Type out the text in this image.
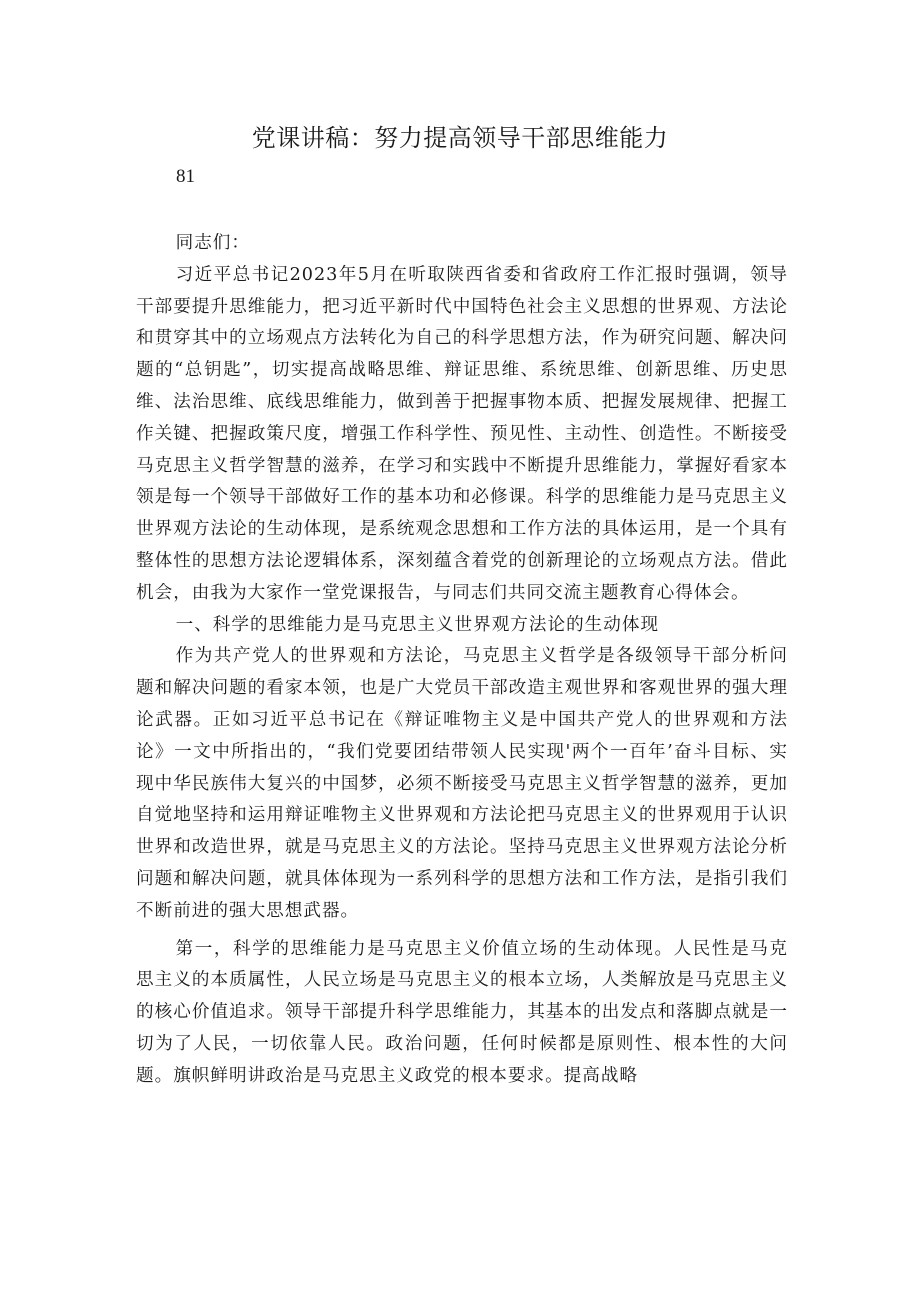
党课讲稿：努力提高领导干部思维能力
81

同志们：

习近平总书记2023年5月在听取陕西省委和省政府工作汇报时强调，领导干部要提升思维能力，把习近平新时代中国特色社会主义思想的世界观、方法论和贯穿其中的立场观点方法转化为自己的科学思想方法，作为研究问题、解决问题的“总钥匙”，切实提高战略思维、辩证思维、系统思维、创新思维、历史思维、法治思维、底线思维能力，做到善于把握事物本质、把握发展规律、把握工作关键、把握政策尺度，增强工作科学性、预见性、主动性、创造性。不断接受马克思主义哲学智慧的滋养，在学习和实践中不断提升思维能力，掌握好看家本领是每一个领导干部做好工作的基本功和必修课。科学的思维能力是马克思主义世界观方法论的生动体现，是系统观念思想和工作方法的具体运用，是一个具有整体性的思想方法论逻辑体系，深刻蕴含着党的创新理论的立场观点方法。借此机会，由我为大家作一堂党课报告，与同志们共同交流主题教育心得体会。

一、科学的思维能力是马克思主义世界观方法论的生动体现

作为共产党人的世界观和方法论，马克思主义哲学是各级领导干部分析问题和解决问题的看家本领，也是广大党员干部改造主观世界和客观世界的强大理论武器。正如习近平总书记在《辩证唯物主义是中国共产党人的世界观和方法论》一文中所指出的，“我们党要团结带领人民实现'两个一百年’奋斗目标、实现中华民族伟大复兴的中国梦，必须不断接受马克思主义哲学智慧的滋养，更加自觉地坚持和运用辩证唯物主义世界观和方法论把马克思主义的世界观用于认识世界和改造世界，就是马克思主义的方法论。坚持马克思主义世界观方法论分析问题和解决问题，就具体体现为一系列科学的思想方法和工作方法，是指引我们不断前进的强大思想武器。

第一，科学的思维能力是马克思主义价值立场的生动体现。人民性是马克思主义的本质属性，人民立场是马克思主义的根本立场，人类解放是马克思主义的核心价值追求。领导干部提升科学思维能力，其基本的出发点和落脚点就是一切为了人民，一切依靠人民。政治问题，任何时候都是原则性、根本性的大问题。旗帜鲜明讲政治是马克思主义政党的根本要求。提高战略
